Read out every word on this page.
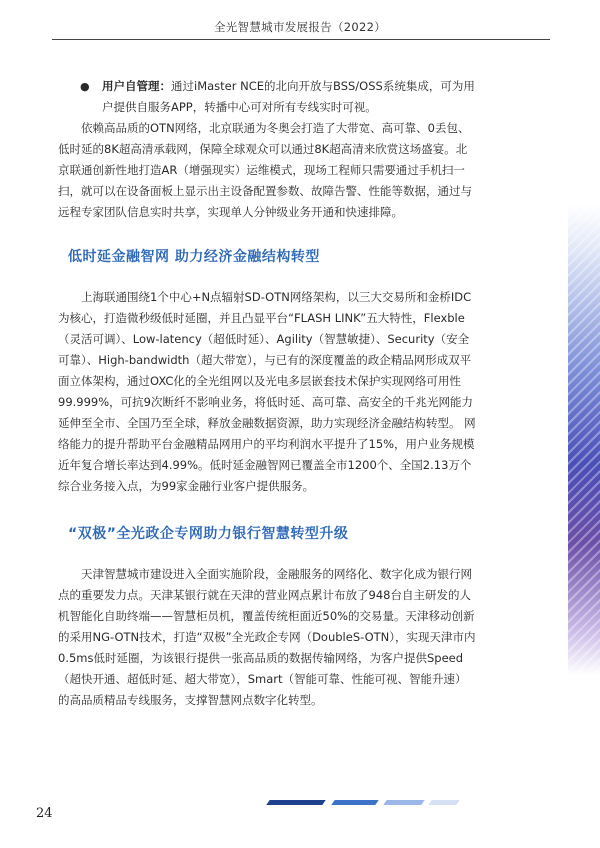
全光智慧城市发展报告（2022）

●	用户自管理：通过iMaster NCE的北向开放与BSS/OSS系统集成，可为用户提供自服务APP，转播中心可对所有专线实时可视。

依赖高品质的OTN网络，北京联通为冬奥会打造了大带宽、高可靠、0丢包、低时延的8K超高清承载网，保障全球观众可以通过8K超高清来欣赏这场盛宴。北京联通创新性地打造AR（增强现实）运维模式，现场工程师只需要通过手机扫一扫，就可以在设备面板上显示出主设备配置参数、故障告警、性能等数据，通过与远程专家团队信息实时共享，实现单人分钟级业务开通和快速排障。

低时延金融智网 助力经济金融结构转型

上海联通围绕1个中心+N点辐射SD-OTN网络架构，以三大交易所和金桥IDC为核心，打造微秒级低时延圈，并且凸显平台“FLASH LINK”五大特性，Flexble（灵活可调）、Low-latency（超低时延）、Agility（智慧敏捷）、Security（安全可靠）、High-bandwidth（超大带宽），与已有的深度覆盖的政企精品网形成双平面立体架构，通过OXC化的全光组网以及光电多层嵌套技术保护实现网络可用性99.999%，可抗9次断纤不影响业务，将低时延、高可靠、高安全的千兆光网能力延伸至全市、全国乃至全球，释放金融数据资源，助力实现经济金融结构转型。 网络能力的提升帮助平台金融精品网用户的平均利润水平提升了15%，用户业务规模近年复合增长率达到4.99%。低时延金融智网已覆盖全市1200个、全国2.13万个综合业务接入点，为99家金融行业客户提供服务。

“双极”全光政企专网助力银行智慧转型升级

天津智慧城市建设进入全面实施阶段，金融服务的网络化、数字化成为银行网点的重要发力点。天津某银行就在天津的营业网点累计布放了948台自主研发的人机智能化自助终端——智慧柜员机，覆盖传统柜面近50%的交易量。天津移动创新的采用NG-OTN技术，打造“双极”全光政企专网（DoubleS-OTN），实现天津市内0.5ms低时延圈，为该银行提供一张高品质的数据传输网络，为客户提供Speed（超快开通、超低时延、超大带宽），Smart（智能可靠、性能可视、智能升速）的高品质精品专线服务，支撑智慧网点数字化转型。

24
